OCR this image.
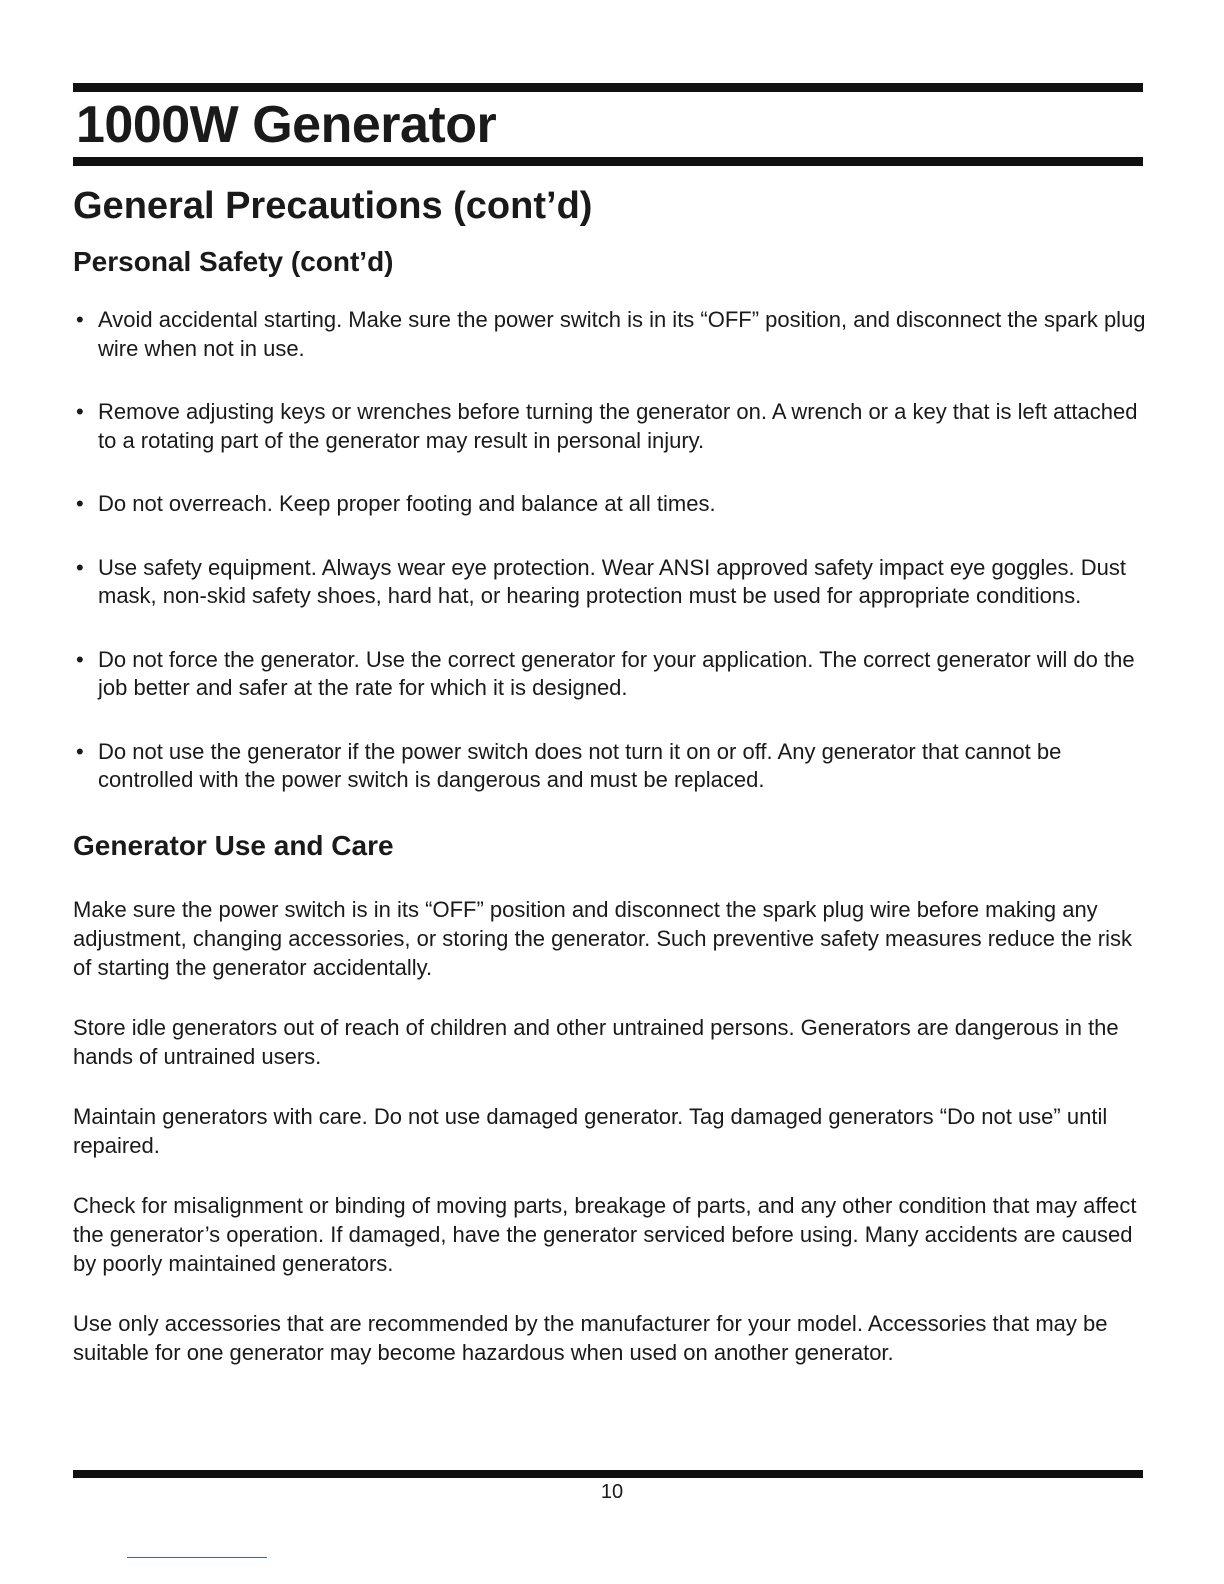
1000W Generator
General Precautions (cont’d)
Personal Safety (cont’d)
• Avoid accidental starting. Make sure the power switch is in its “OFF” position, and disconnect the spark plug wire when not in use.
• Remove adjusting keys or wrenches before turning the generator on. A wrench or a key that is left attached to a rotating part of the generator may result in personal injury.
• Do not overreach. Keep proper footing and balance at all times.
• Use safety equipment. Always wear eye protection. Wear ANSI approved safety impact eye goggles. Dust mask, non-skid safety shoes, hard hat, or hearing protection must be used for appropriate conditions.
• Do not force the generator. Use the correct generator for your application. The correct generator will do the job better and safer at the rate for which it is designed.
• Do not use the generator if the power switch does not turn it on or off. Any generator that cannot be controlled with the power switch is dangerous and must be replaced.
Generator Use and Care

Make sure the power switch is in its “OFF” position and disconnect the spark plug wire before making any adjustment, changing accessories, or storing the generator. Such preventive safety measures reduce the risk of starting the generator accidentally.

Store idle generators out of reach of children and other untrained persons. Generators are dangerous in the hands of untrained users.

Maintain generators with care. Do not use damaged generator. Tag damaged generators “Do not use” until repaired.

Check for misalignment or binding of moving parts, breakage of parts, and any other condition that may affect the generator’s operation. If damaged, have the generator serviced before using. Many accidents are caused by poorly maintained generators.

Use only accessories that are recommended by the manufacturer for your model. Accessories that may be suitable for one generator may become hazardous when used on another generator.

10
